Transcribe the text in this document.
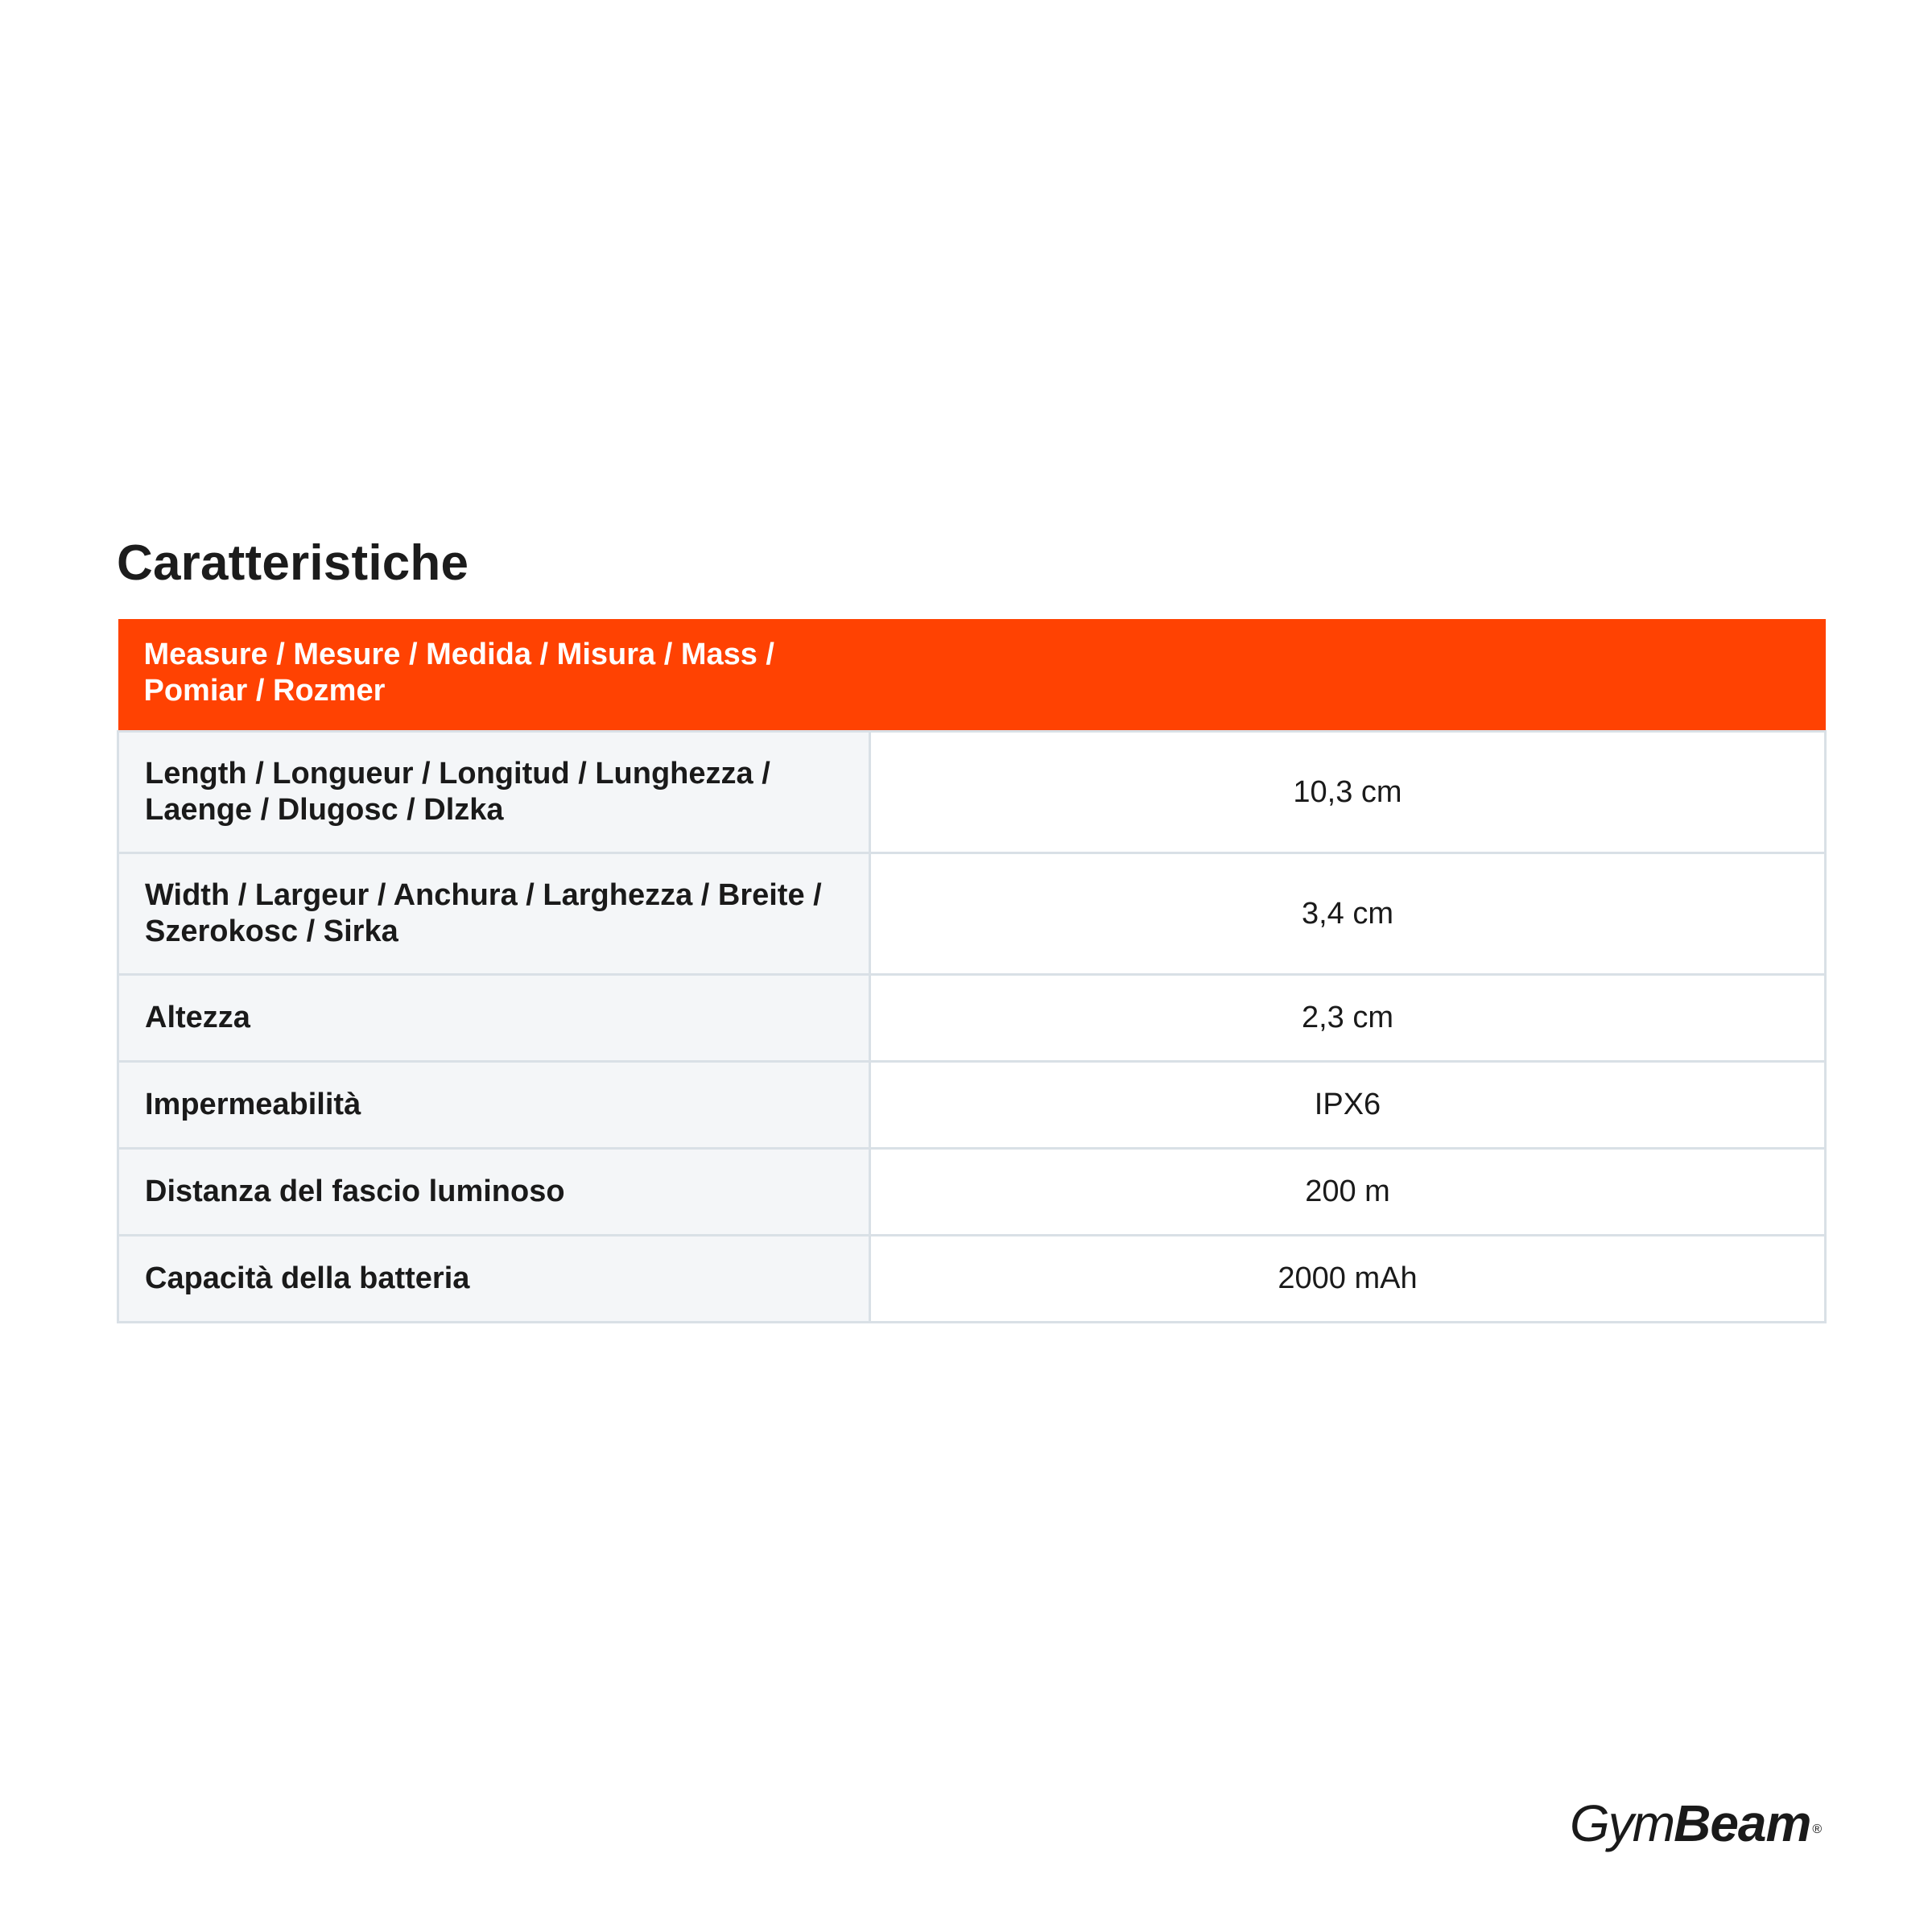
Caratteristiche
Measure / Mesure / Medida / Misura / Mass / Pomiar / Rozmer	

Length / Longueur / Longitud / Lunghezza / Laenge / Dlugosc / Dlzka	10,3 cm
Width / Largeur / Anchura / Larghezza / Breite / Szerokosc / Sirka	3,4 cm
Altezza	2,3 cm
Impermeabilità	IPX6
Distanza del fascio luminoso	200 m
Capacità della batteria	2000 mAh
GymBeam ®
